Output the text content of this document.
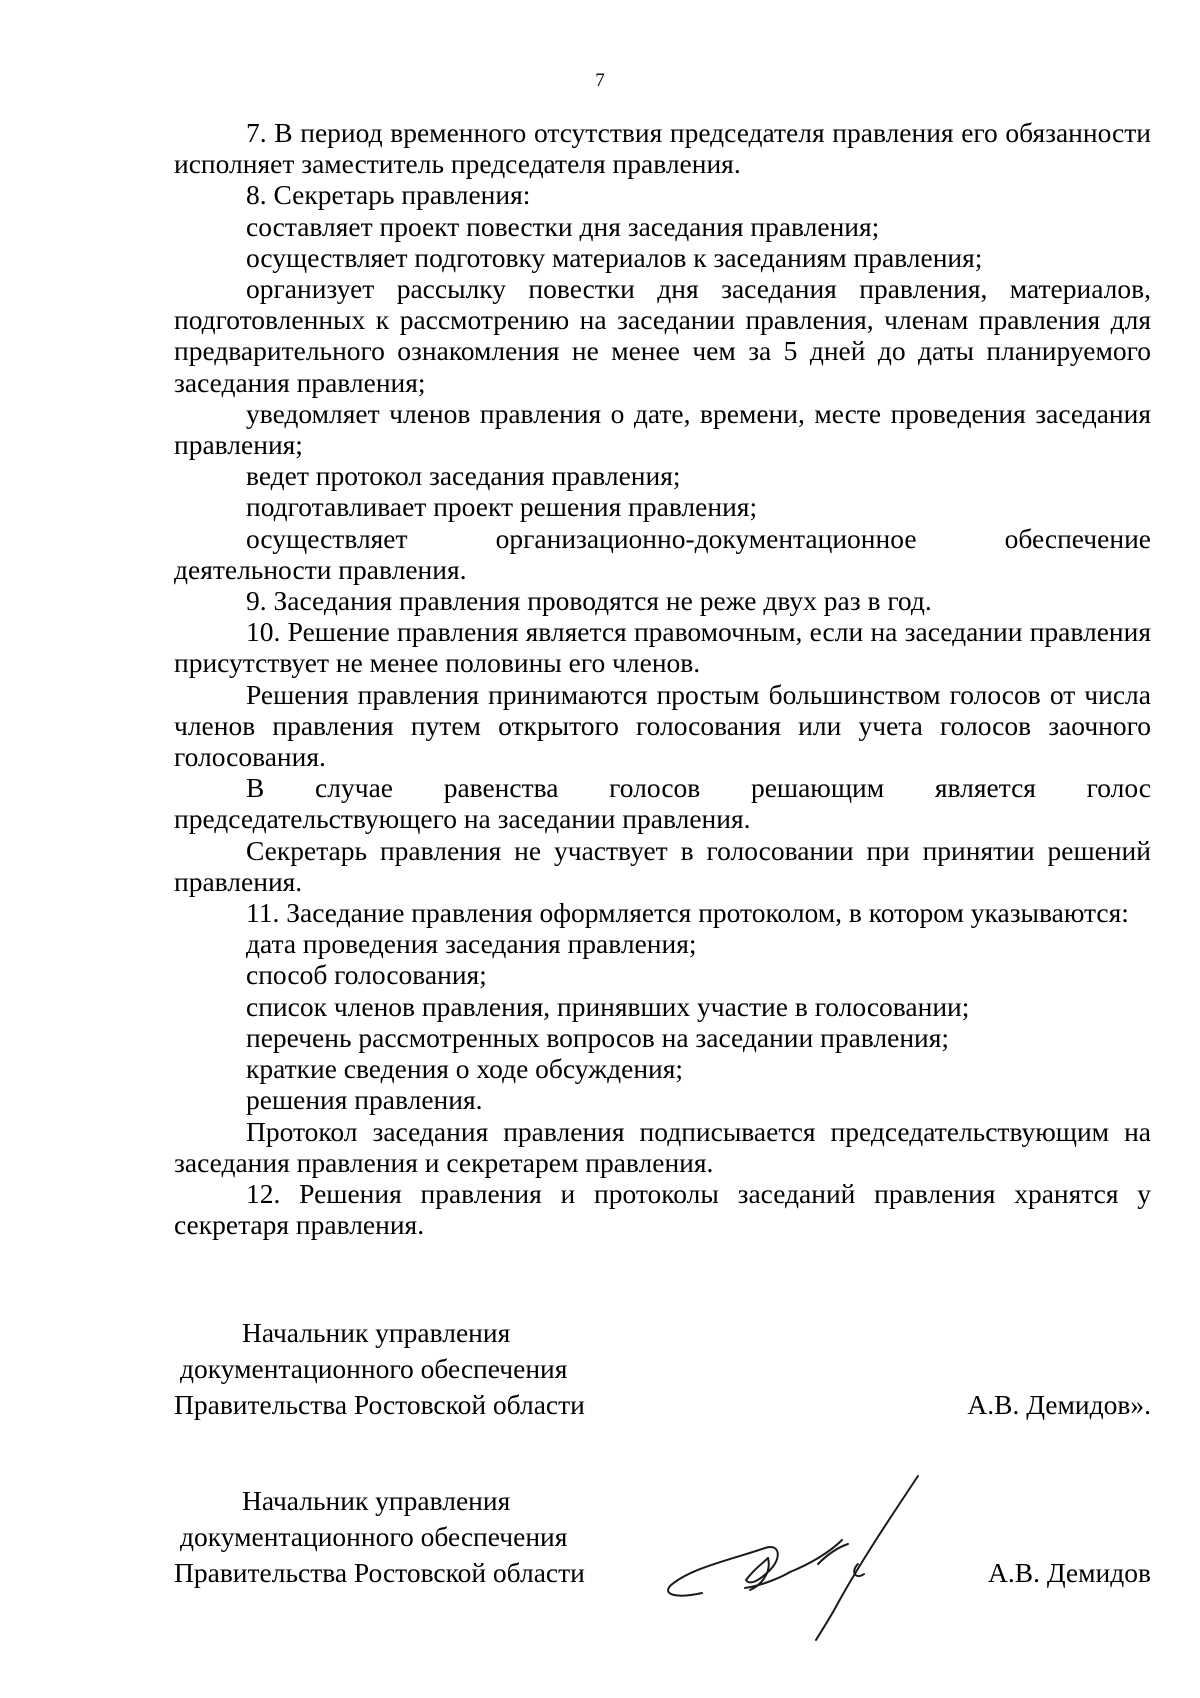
7

7. В период временного отсутствия председателя правления его обязанности исполняет заместитель председателя правления.

8. Секретарь правления:

составляет проект повестки дня заседания правления;

осуществляет подготовку материалов к заседаниям правления;

организует рассылку повестки дня заседания правления, материалов, подготовленных к рассмотрению на заседании правления, членам правления для предварительного ознакомления не менее чем за 5 дней до даты планируемого заседания правления;

уведомляет членов правления о дате, времени, месте проведения заседания правления;

ведет протокол заседания правления;

подготавливает проект решения правления;

осуществляет организационно-документационное обеспечение деятельности правления.

9. Заседания правления проводятся не реже двух раз в год.

10. Решение правления является правомочным, если на заседании правления присутствует не менее половины его членов.

Решения правления принимаются простым большинством голосов от числа членов правления путем открытого голосования или учета голосов заочного голосования.

В случае равенства голосов решающим является голос председательствующего на заседании правления.

Секретарь правления не участвует в голосовании при принятии решений правления.

11. Заседание правления оформляется протоколом, в котором указываются:

дата проведения заседания правления;

способ голосования;

список членов правления, принявших участие в голосовании;

перечень рассмотренных вопросов на заседании правления;

краткие сведения о ходе обсуждения;

решения правления.

Протокол заседания правления подписывается председательствующим на заседания правления и секретарем правления.

12. Решения правления и протоколы заседаний правления хранятся у секретаря правления.

Начальник управления
документационного обеспечения
Правительства Ростовской области	А.В. Демидов».
Начальник управления
документационного обеспечения
Правительства Ростовской области	А.В. Демидов
